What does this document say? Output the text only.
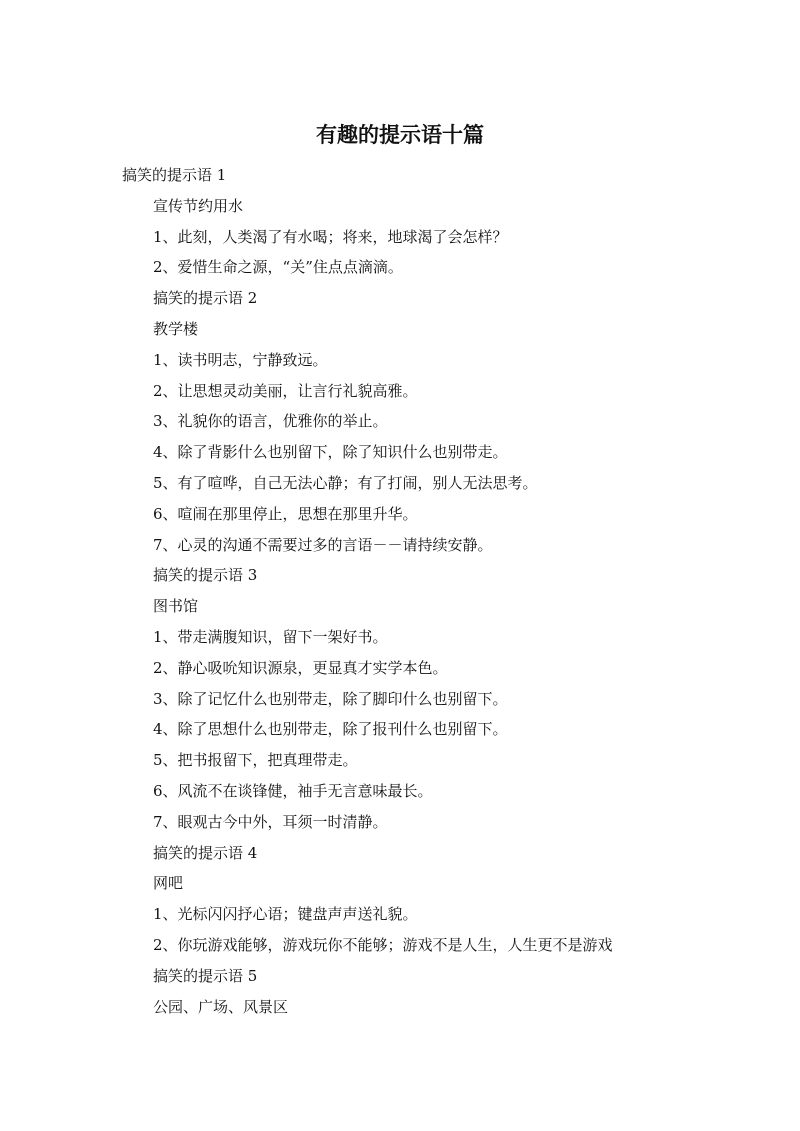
有趣的提示语十篇

搞笑的提示语 1

宣传节约用水

1、此刻，人类渴了有水喝；将来，地球渴了会怎样？

2、爱惜生命之源，“关”住点点滴滴。

搞笑的提示语 2

教学楼

1、读书明志，宁静致远。

2、让思想灵动美丽，让言行礼貌高雅。

3、礼貌你的语言，优雅你的举止。

4、除了背影什么也别留下，除了知识什么也别带走。

5、有了喧哗，自己无法心静；有了打闹，别人无法思考。

6、喧闹在那里停止，思想在那里升华。

7、心灵的沟通不需要过多的言语－－请持续安静。

搞笑的提示语 3

图书馆

1、带走满腹知识，留下一架好书。

2、静心吸吮知识源泉，更显真才实学本色。

3、除了记忆什么也别带走，除了脚印什么也别留下。

4、除了思想什么也别带走，除了报刊什么也别留下。

5、把书报留下，把真理带走。

6、风流不在谈锋健，袖手无言意味最长。

7、眼观古今中外，耳须一时清静。

搞笑的提示语 4

网吧

1、光标闪闪抒心语；键盘声声送礼貌。

2、你玩游戏能够，游戏玩你不能够；游戏不是人生，人生更不是游戏

搞笑的提示语 5

公园、广场、风景区
